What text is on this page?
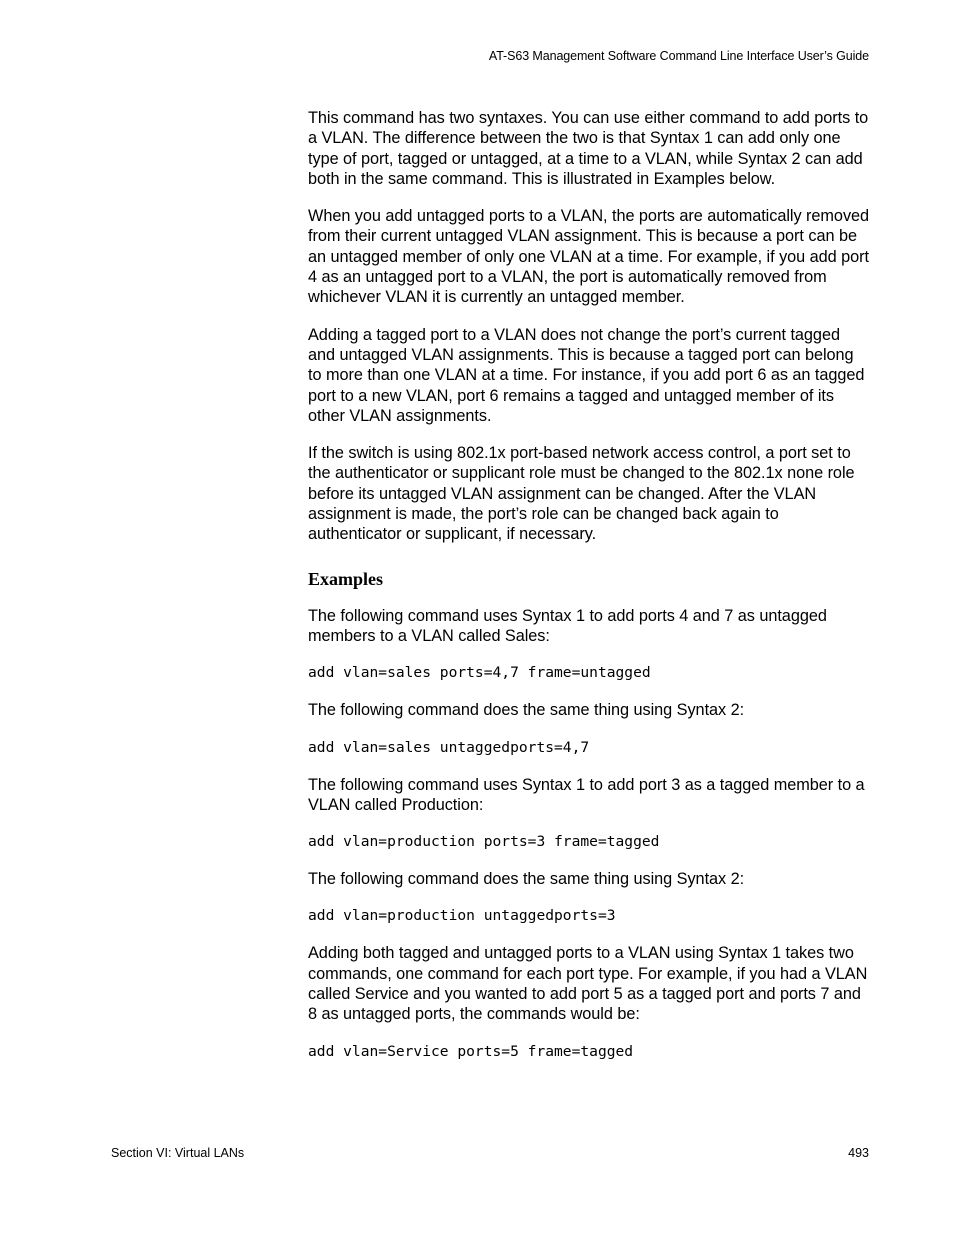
AT-S63 Management Software Command Line Interface User’s Guide

This command has two syntaxes. You can use either command to add ports to a VLAN. The difference between the two is that Syntax 1 can add only one type of port, tagged or untagged, at a time to a VLAN, while Syntax 2 can add both in the same command. This is illustrated in Examples below.

When you add untagged ports to a VLAN, the ports are automatically removed from their current untagged VLAN assignment. This is because a port can be an untagged member of only one VLAN at a time. For example, if you add port 4 as an untagged port to a VLAN, the port is automatically removed from whichever VLAN it is currently an untagged member.

Adding a tagged port to a VLAN does not change the port’s current tagged and untagged VLAN assignments. This is because a tagged port can belong to more than one VLAN at a time. For instance, if you add port 6 as an tagged port to a new VLAN, port 6 remains a tagged and untagged member of its other VLAN assignments.

If the switch is using 802.1x port-based network access control, a port set to the authenticator or supplicant role must be changed to the 802.1x none role before its untagged VLAN assignment can be changed. After the VLAN assignment is made, the port’s role can be changed back again to authenticator or supplicant, if necessary.

Examples

The following command uses Syntax 1 to add ports 4 and 7 as untagged members to a VLAN called Sales:

add vlan=sales ports=4,7 frame=untagged

The following command does the same thing using Syntax 2:

add vlan=sales untaggedports=4,7

The following command uses Syntax 1 to add port 3 as a tagged member to a VLAN called Production:

add vlan=production ports=3 frame=tagged

The following command does the same thing using Syntax 2:

add vlan=production untaggedports=3

Adding both tagged and untagged ports to a VLAN using Syntax 1 takes two commands, one command for each port type. For example, if you had a VLAN called Service and you wanted to add port 5 as a tagged port and ports 7 and 8 as untagged ports, the commands would be:

add vlan=Service ports=5 frame=tagged
Section VI: Virtual LANs	493
